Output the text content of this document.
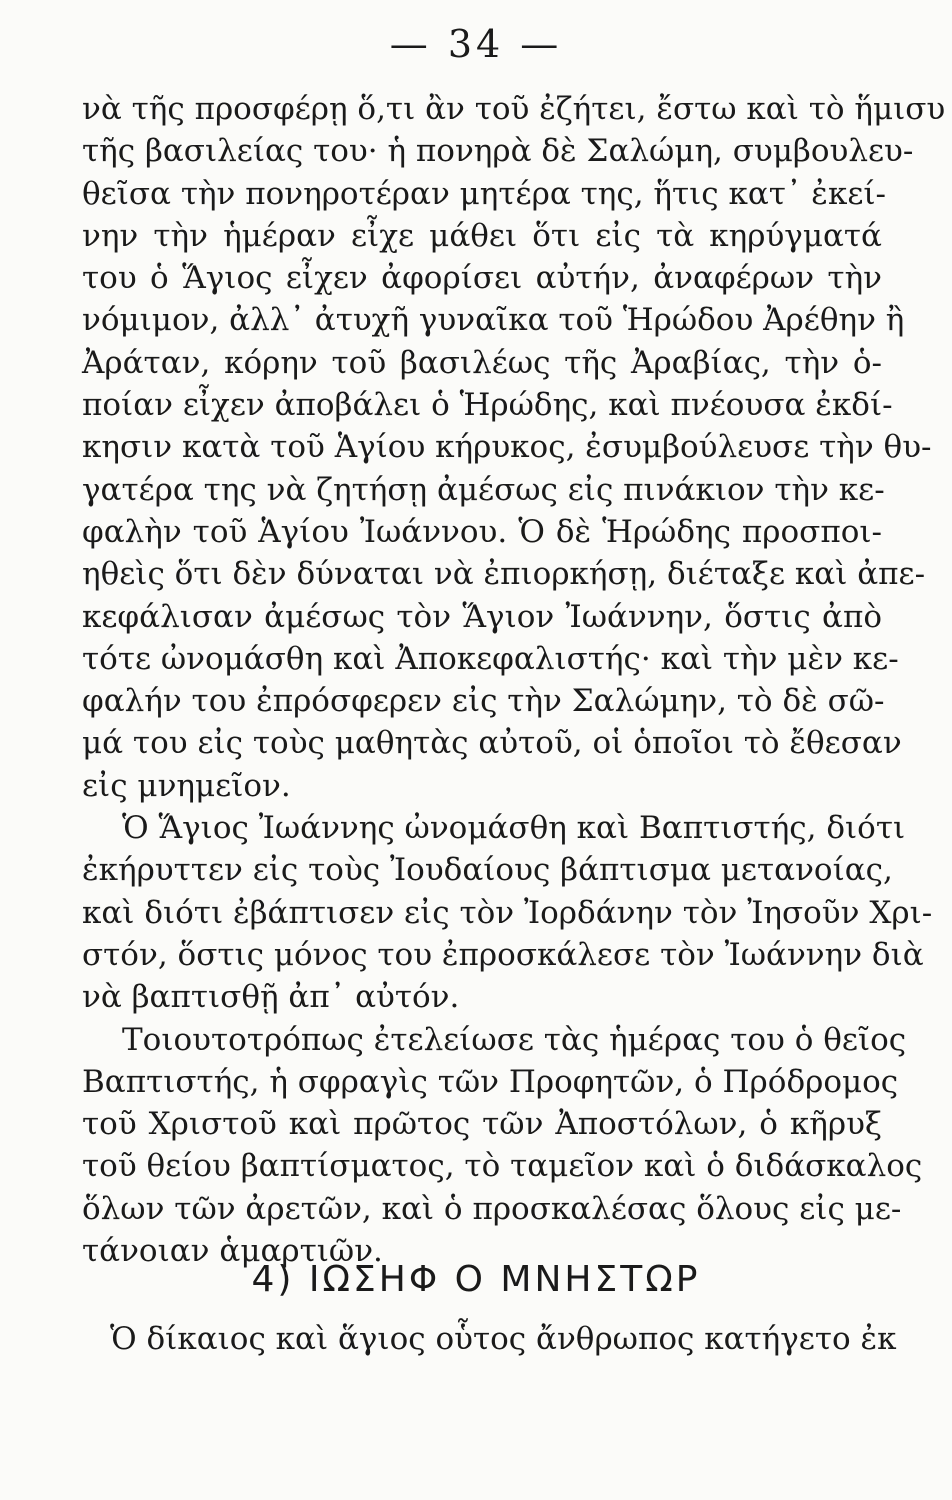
— 34 —
νὰ τῆς προσφέρῃ ὅ,τι ἂν τοῦ ἐζήτει, ἔστω καὶ τὸ ἥμισυ
τῆς βασιλείας του· ἡ πονηρὰ δὲ Σαλώμη, συμβουλευ-
θεῖσα τὴν πονηροτέραν μητέρα της, ἥτις κατ᾽ ἐκεί-
νην τὴν ἡμέραν εἶχε μάθει ὅτι εἰς τὰ κηρύγματά
του ὁ Ἅγιος εἶχεν ἀφορίσει αὐτήν, ἀναφέρων τὴν
νόμιμον, ἀλλ᾽ ἀτυχῆ γυναῖκα τοῦ Ἡρώδου Ἀρέθην ἢ
Ἀράταν, κόρην τοῦ βασιλέως τῆς Ἀραβίας, τὴν ὁ-
ποίαν εἶχεν ἀποβάλει ὁ Ἡρώδης, καὶ πνέουσα ἐκδί-
κησιν κατὰ τοῦ Ἁγίου κήρυκος, ἐσυμβούλευσε τὴν θυ-
γατέρα της νὰ ζητήσῃ ἀμέσως εἰς πινάκιον τὴν κε-
φαλὴν τοῦ Ἁγίου Ἰωάννου. Ὁ δὲ Ἡρώδης προσποι-
ηθεὶς ὅτι δὲν δύναται νὰ ἐπιορκήσῃ, διέταξε καὶ ἀπε-
κεφάλισαν ἀμέσως τὸν Ἅγιον Ἰωάννην, ὅστις ἀπὸ
τότε ὠνομάσθη καὶ Ἀποκεφαλιστής· καὶ τὴν μὲν κε-
φαλήν του ἐπρόσφερεν εἰς τὴν Σαλώμην, τὸ δὲ σῶ-
μά του εἰς τοὺς μαθητὰς αὐτοῦ, οἱ ὁποῖοι τὸ ἔθεσαν
εἰς μνημεῖον.
Ὁ Ἅγιος Ἰωάννης ὠνομάσθη καὶ Βαπτιστής, διότι
ἐκήρυττεν εἰς τοὺς Ἰουδαίους βάπτισμα μετανοίας,
καὶ διότι ἐβάπτισεν εἰς τὸν Ἰορδάνην τὸν Ἰησοῦν Χρι-
στόν, ὅστις μόνος του ἐπροσκάλεσε τὸν Ἰωάννην διὰ
νὰ βαπτισθῇ ἀπ᾽ αὐτόν.
Τοιουτοτρόπως ἐτελείωσε τὰς ἡμέρας του ὁ θεῖος
Βαπτιστής, ἡ σφραγὶς τῶν Προφητῶν, ὁ Πρόδρομος
τοῦ Χριστοῦ καὶ πρῶτος τῶν Ἀποστόλων, ὁ κῆρυξ
τοῦ θείου βαπτίσματος, τὸ ταμεῖον καὶ ὁ διδάσκαλος
ὅλων τῶν ἀρετῶν, καὶ ὁ προσκαλέσας ὅλους εἰς με-
τάνοιαν ἁμαρτιῶν.
4) ΙΩΣΗΦ Ο ΜΝΗΣΤΩΡ
Ὁ δίκαιος καὶ ἅγιος οὗτος ἄνθρωπος κατήγετο ἐκ
